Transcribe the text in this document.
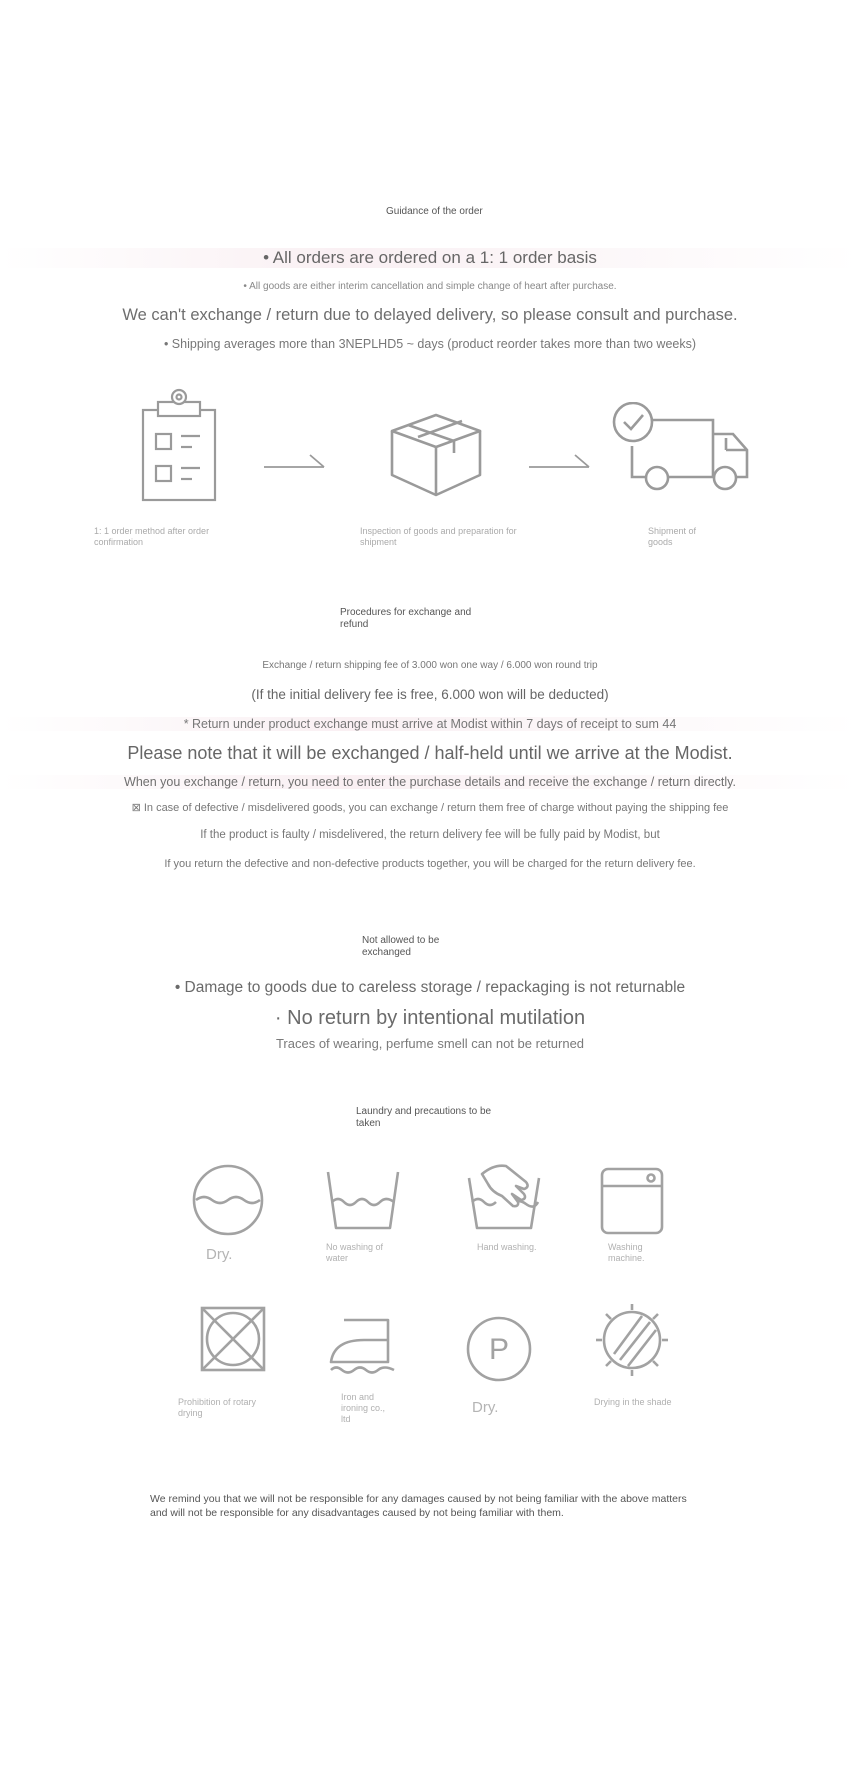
Guidance of the order
• All orders are ordered on a 1: 1 order basis
• All goods are either interim cancellation and simple change of heart after purchase.
We can't exchange / return due to delayed delivery, so please consult and purchase.
• Shipping averages more than 3NEPLHD5 ~ days (product reorder takes more than two weeks)
1: 1 order method after order confirmation
Inspection of goods and preparation for shipment
Shipment of goods
Procedures for exchange and refund
Exchange / return shipping fee of 3.000 won one way / 6.000 won round trip
(If the initial delivery fee is free, 6.000 won will be deducted)
* Return under product exchange must arrive at Modist within 7 days of receipt to sum 44
Please note that it will be exchanged / half-held until we arrive at the Modist.
When you exchange / return, you need to enter the purchase details and receive the exchange / return directly.
⊠ In case of defective / misdelivered goods, you can exchange / return them free of charge without paying the shipping fee
If the product is faulty / misdelivered, the return delivery fee will be fully paid by Modist, but
If you return the defective and non-defective products together, you will be charged for the return delivery fee.
Not allowed to be exchanged
• Damage to goods due to careless storage / repackaging is not returnable
· No return by intentional mutilation
Traces of wearing, perfume smell can not be returned
Laundry and precautions to be taken
Dry.	No washing of water
Hand washing.	Washing machine.
Prohibition of rotary drying
Iron and ironing co., ltd
P
Dry.	Drying in the shade
We remind you that we will not be responsible for any damages caused by not being familiar with the above matters and will not be responsible for any disadvantages caused by not being familiar with them.
